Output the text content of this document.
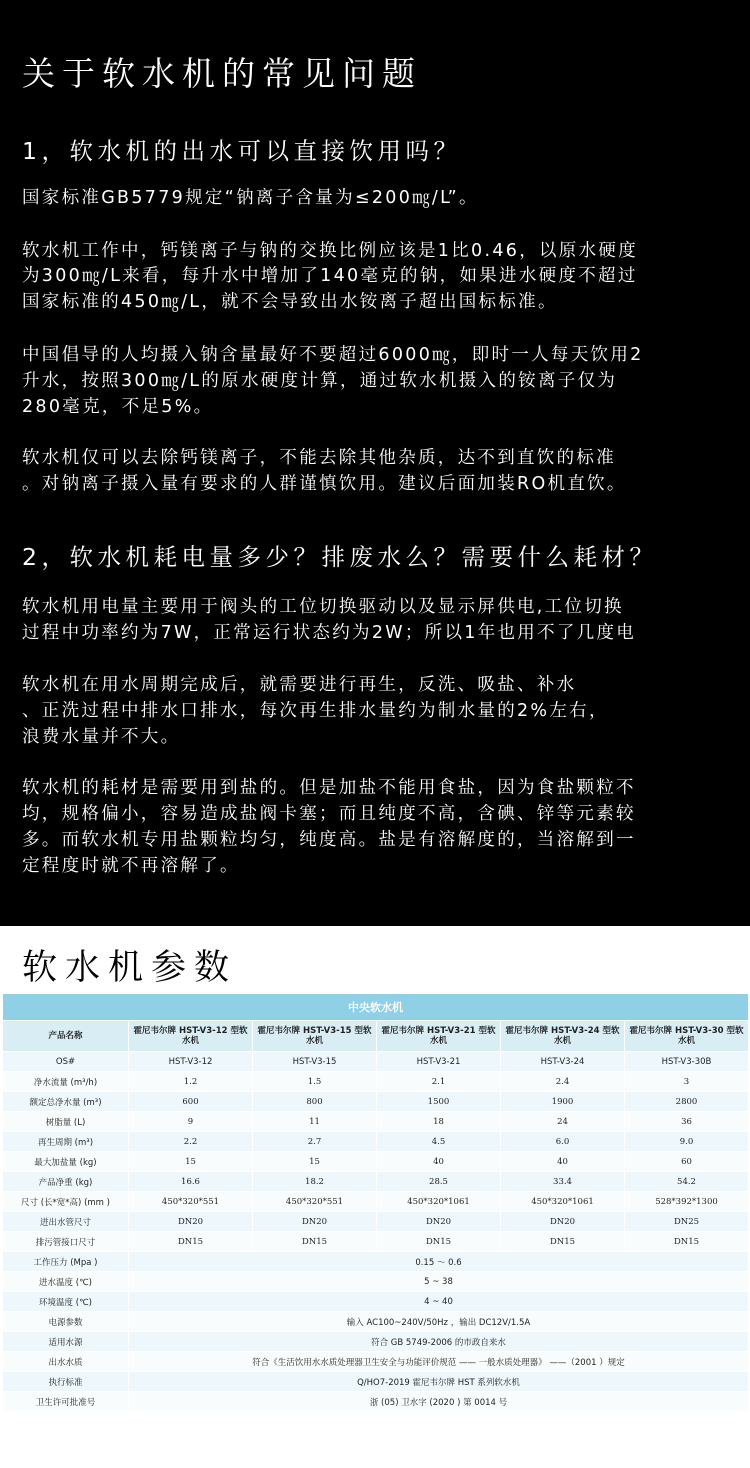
关于软水机的常见问题
1，软水机的出水可以直接饮用吗？

国家标准GB5779规定“钠离子含量为≤200㎎/L”。

软水机工作中，钙镁离子与钠的交换比例应该是1比0.46，以原水硬度

为300㎎/L来看，每升水中增加了140毫克的钠，如果进水硬度不超过

国家标准的450㎎/L，就不会导致出水铵离子超出国标标准。

中国倡导的人均摄入钠含量最好不要超过6000㎎，即时一人每天饮用2

升水，按照300㎎/L的原水硬度计算，通过软水机摄入的铵离子仅为

280毫克，不足5%。

软水机仅可以去除钙镁离子，不能去除其他杂质，达不到直饮的标准

。对钠离子摄入量有要求的人群谨慎饮用。建议后面加装RO机直饮。

2，软水机耗电量多少？排废水么？需要什么耗材？

软水机用电量主要用于阀头的工位切换驱动以及显示屏供电,工位切换

过程中功率约为7W，正常运行状态约为2W；所以1年也用不了几度电

软水机在用水周期完成后，就需要进行再生，反洗、吸盐、补水

、正洗过程中排水口排水，每次再生排水量约为制水量的2%左右，

浪费水量并不大。

软水机的耗材是需要用到盐的。但是加盐不能用食盐，因为食盐颗粒不

均，规格偏小，容易造成盐阀卡塞；而且纯度不高，含碘、锌等元素较

多。而软水机专用盐颗粒均匀，纯度高。盐是有溶解度的，当溶解到一

定程度时就不再溶解了。

软水机参数
中央软水机					
产品名称	霍尼韦尔牌 HST-V3-12 型软水机	霍尼韦尔牌 HST-V3-15 型软水机	霍尼韦尔牌 HST-V3-21 型软水机	霍尼韦尔牌 HST-V3-24 型软水机	霍尼韦尔牌 HST-V3-30 型软水机
OS#	HST-V3-12	HST-V3-15	HST-V3-21	HST-V3-24	HST-V3-30B
净水流量 (m³/h)	1.2	1.5	2.1	2.4	3
额定总净水量 (m³)	600	800	1500	1900	2800
树脂量 (L)	9	11	18	24	36
再生周期 (m³)	2.2	2.7	4.5	6.0	9.0
最大加盐量 (kg)	15	15	40	40	60
产品净重 (kg)	16.6	18.2	28.5	33.4	54.2
尺寸 (长*宽*高) (mm )	450*320*551	450*320*551	450*320*1061	450*320*1061	528*392*1300
进出水管尺寸	DN20	DN20	DN20	DN20	DN25
排污管接口尺寸	DN15	DN15	DN15	DN15	DN15
工作压力 (Mpa )	0.15 ～ 0.6				
进水温度 (℃)	5 ~ 38				
环境温度 (℃)	4 ~ 40				
电源参数	输入 AC100~240V/50Hz ，输出 DC12V/1.5A				
适用水源	符合 GB 5749-2006 的市政自来水				
出水水质	符合《生活饮用水水质处理器卫生安全与功能评价规范 —— 一般水质处理器》 ——（2001 ）规定				
执行标准	Q/HO7-2019 霍尼韦尔牌 HST 系列软水机				
卫生许可批准号	浙 (05) 卫水字 (2020 ) 第 0014 号				
